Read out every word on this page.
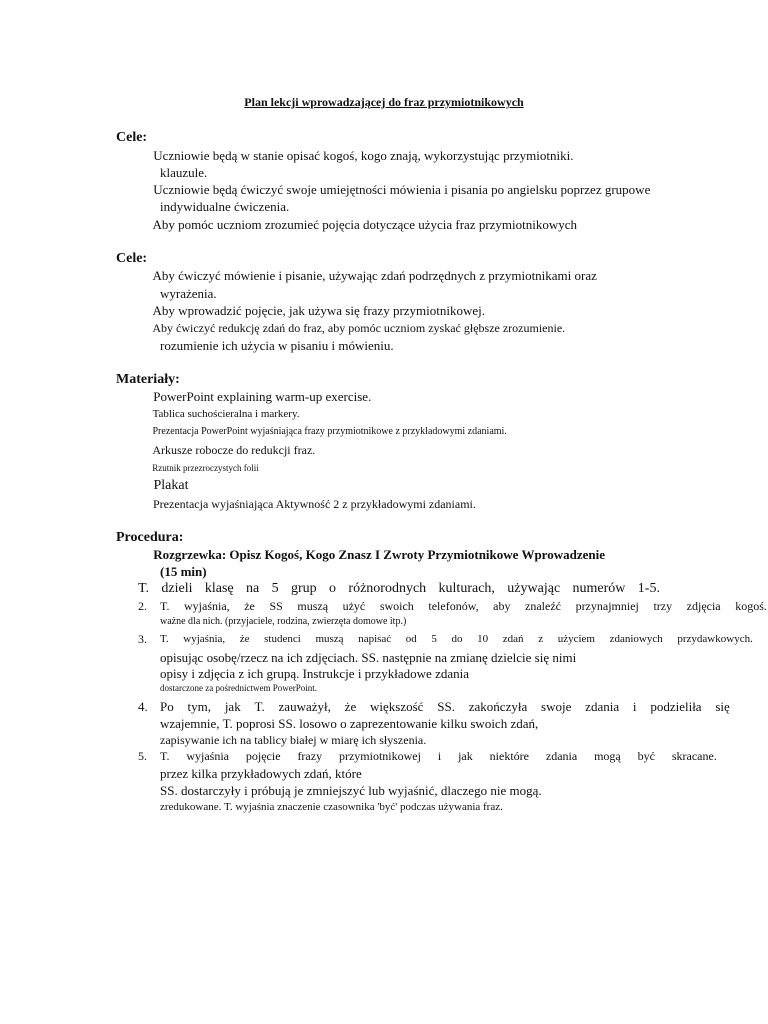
Plan lekcji wprowadzającej do fraz przymiotnikowych
Cele:
Uczniowie będą w stanie opisać kogoś, kogo znają, wykorzystując przymiotniki.
klauzule.
Uczniowie będą ćwiczyć swoje umiejętności mówienia i pisania po angielsku poprzez grupowe
indywidualne ćwiczenia.
Aby pomóc uczniom zrozumieć pojęcia dotyczące użycia fraz przymiotnikowych
Cele:
Aby ćwiczyć mówienie i pisanie, używając zdań podrzędnych z przymiotnikami oraz
wyrażenia.
Aby wprowadzić pojęcie, jak używa się frazy przymiotnikowej.
Aby ćwiczyć redukcję zdań do fraz, aby pomóc uczniom zyskać głębsze zrozumienie.
rozumienie ich użycia w pisaniu i mówieniu.
Materiały:
PowerPoint explaining warm-up exercise.
Tablica suchościeralna i markery.
Prezentacja PowerPoint wyjaśniająca frazy przymiotnikowe z przykładowymi zdaniami.
Arkusze robocze do redukcji fraz.
Rzutnik przezroczystych folii
Plakat
Prezentacja wyjaśniająca Aktywność 2 z przykładowymi zdaniami.
Procedura:
Rozgrzewka: Opisz Kogoś, Kogo Znasz I Zwroty Przymiotnikowe Wprowadzenie
(15 min)
T. dzieli klasę na 5 grup o różnorodnych kulturach, używając numerów 1-5.
2. T. wyjaśnia, że SS muszą użyć swoich telefonów, aby znaleźć przynajmniej trzy zdjęcia kogoś.
ważne dla nich. (przyjaciele, rodzina, zwierzęta domowe itp.)
3. T. wyjaśnia, że studenci muszą napisać od 5 do 10 zdań z użyciem zdaniowych przydawkowych.
opisując osobę/rzecz na ich zdjęciach. SS. następnie na zmianę dzielcie się nimi
opisy i zdjęcia z ich grupą. Instrukcje i przykładowe zdania
dostarczone za pośrednictwem PowerPoint.
4. Po tym, jak T. zauważył, że większość SS. zakończyła swoje zdania i podzieliła się
wzajemnie, T. poprosi SS. losowo o zaprezentowanie kilku swoich zdań,
zapisywanie ich na tablicy białej w miarę ich słyszenia.
5. T. wyjaśnia pojęcie frazy przymiotnikowej i jak niektóre zdania mogą być skracane.
przez kilka przykładowych zdań, które
SS. dostarczyły i próbują je zmniejszyć lub wyjaśnić, dlaczego nie mogą.
zredukowane. T. wyjaśnia znaczenie czasownika 'być' podczas używania fraz.
